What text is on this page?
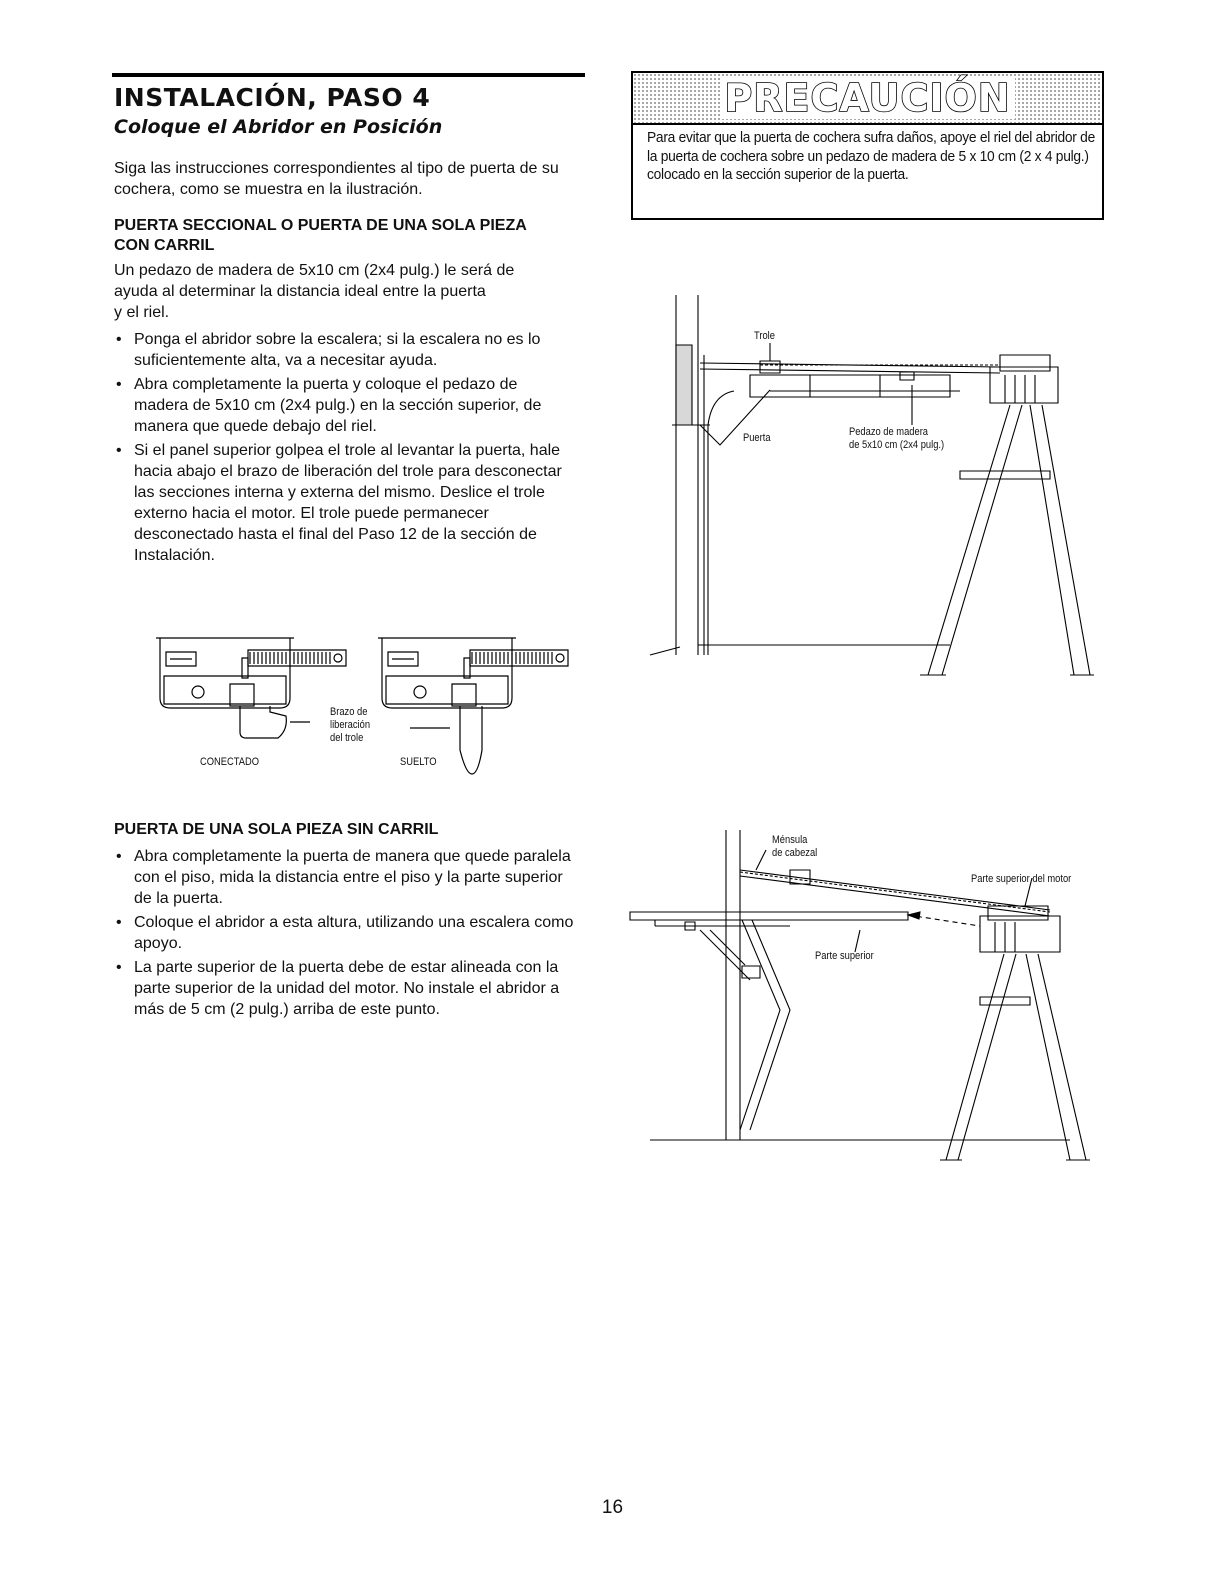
INSTALACIÓN, PASO 4
Coloque el Abridor en Posición

Siga las instrucciones correspondientes al tipo de puerta de su cochera, como se muestra en la ilustración.

PUERTA SECCIONAL O PUERTA DE UNA SOLA PIEZA
CON CARRIL
Un pedazo de madera de 5x10 cm (2x4 pulg.) le será de
ayuda al determinar la distancia ideal entre la puerta
y el riel.
• Ponga el abridor sobre la escalera; si la escalera no es lo suficientemente alta, va a necesitar ayuda.
• Abra completamente la puerta y coloque el pedazo de madera de 5x10 cm (2x4 pulg.) en la sección superior, de manera que quede debajo del riel.
• Si el panel superior golpea el trole al levantar la puerta, hale hacia abajo el brazo de liberación del trole para desconectar las secciones interna y externa del mismo. Deslice el trole externo hacia el motor. El trole puede permanecer desconectado hasta el final del Paso 12 de la sección de Instalación.
Brazo de
liberación
del trole
CONECTADO	SUELTO
PUERTA DE UNA SOLA PIEZA SIN CARRIL
• Abra completamente la puerta de manera que quede paralela con el piso, mida la distancia entre el piso y la parte superior de la puerta.
• Coloque el abridor a esta altura, utilizando una escalera como apoyo.
• La parte superior de la puerta debe de estar alineada con la parte superior de la unidad del motor. No instale el abridor a más de 5 cm (2 pulg.) arriba de este punto.
PRECAUCIÓN
Para evitar que la puerta de cochera sufra daños, apoye el riel del abridor de la puerta de cochera sobre un pedazo de madera de 5 x 10 cm (2 x 4 pulg.) colocado en la sección superior de la puerta.
Trole
Puerta	Pedazo de madera
de 5x10 cm (2x4 pulg.)
Ménsula
de cabezal
Parte superior del motor
Parte superior
16
